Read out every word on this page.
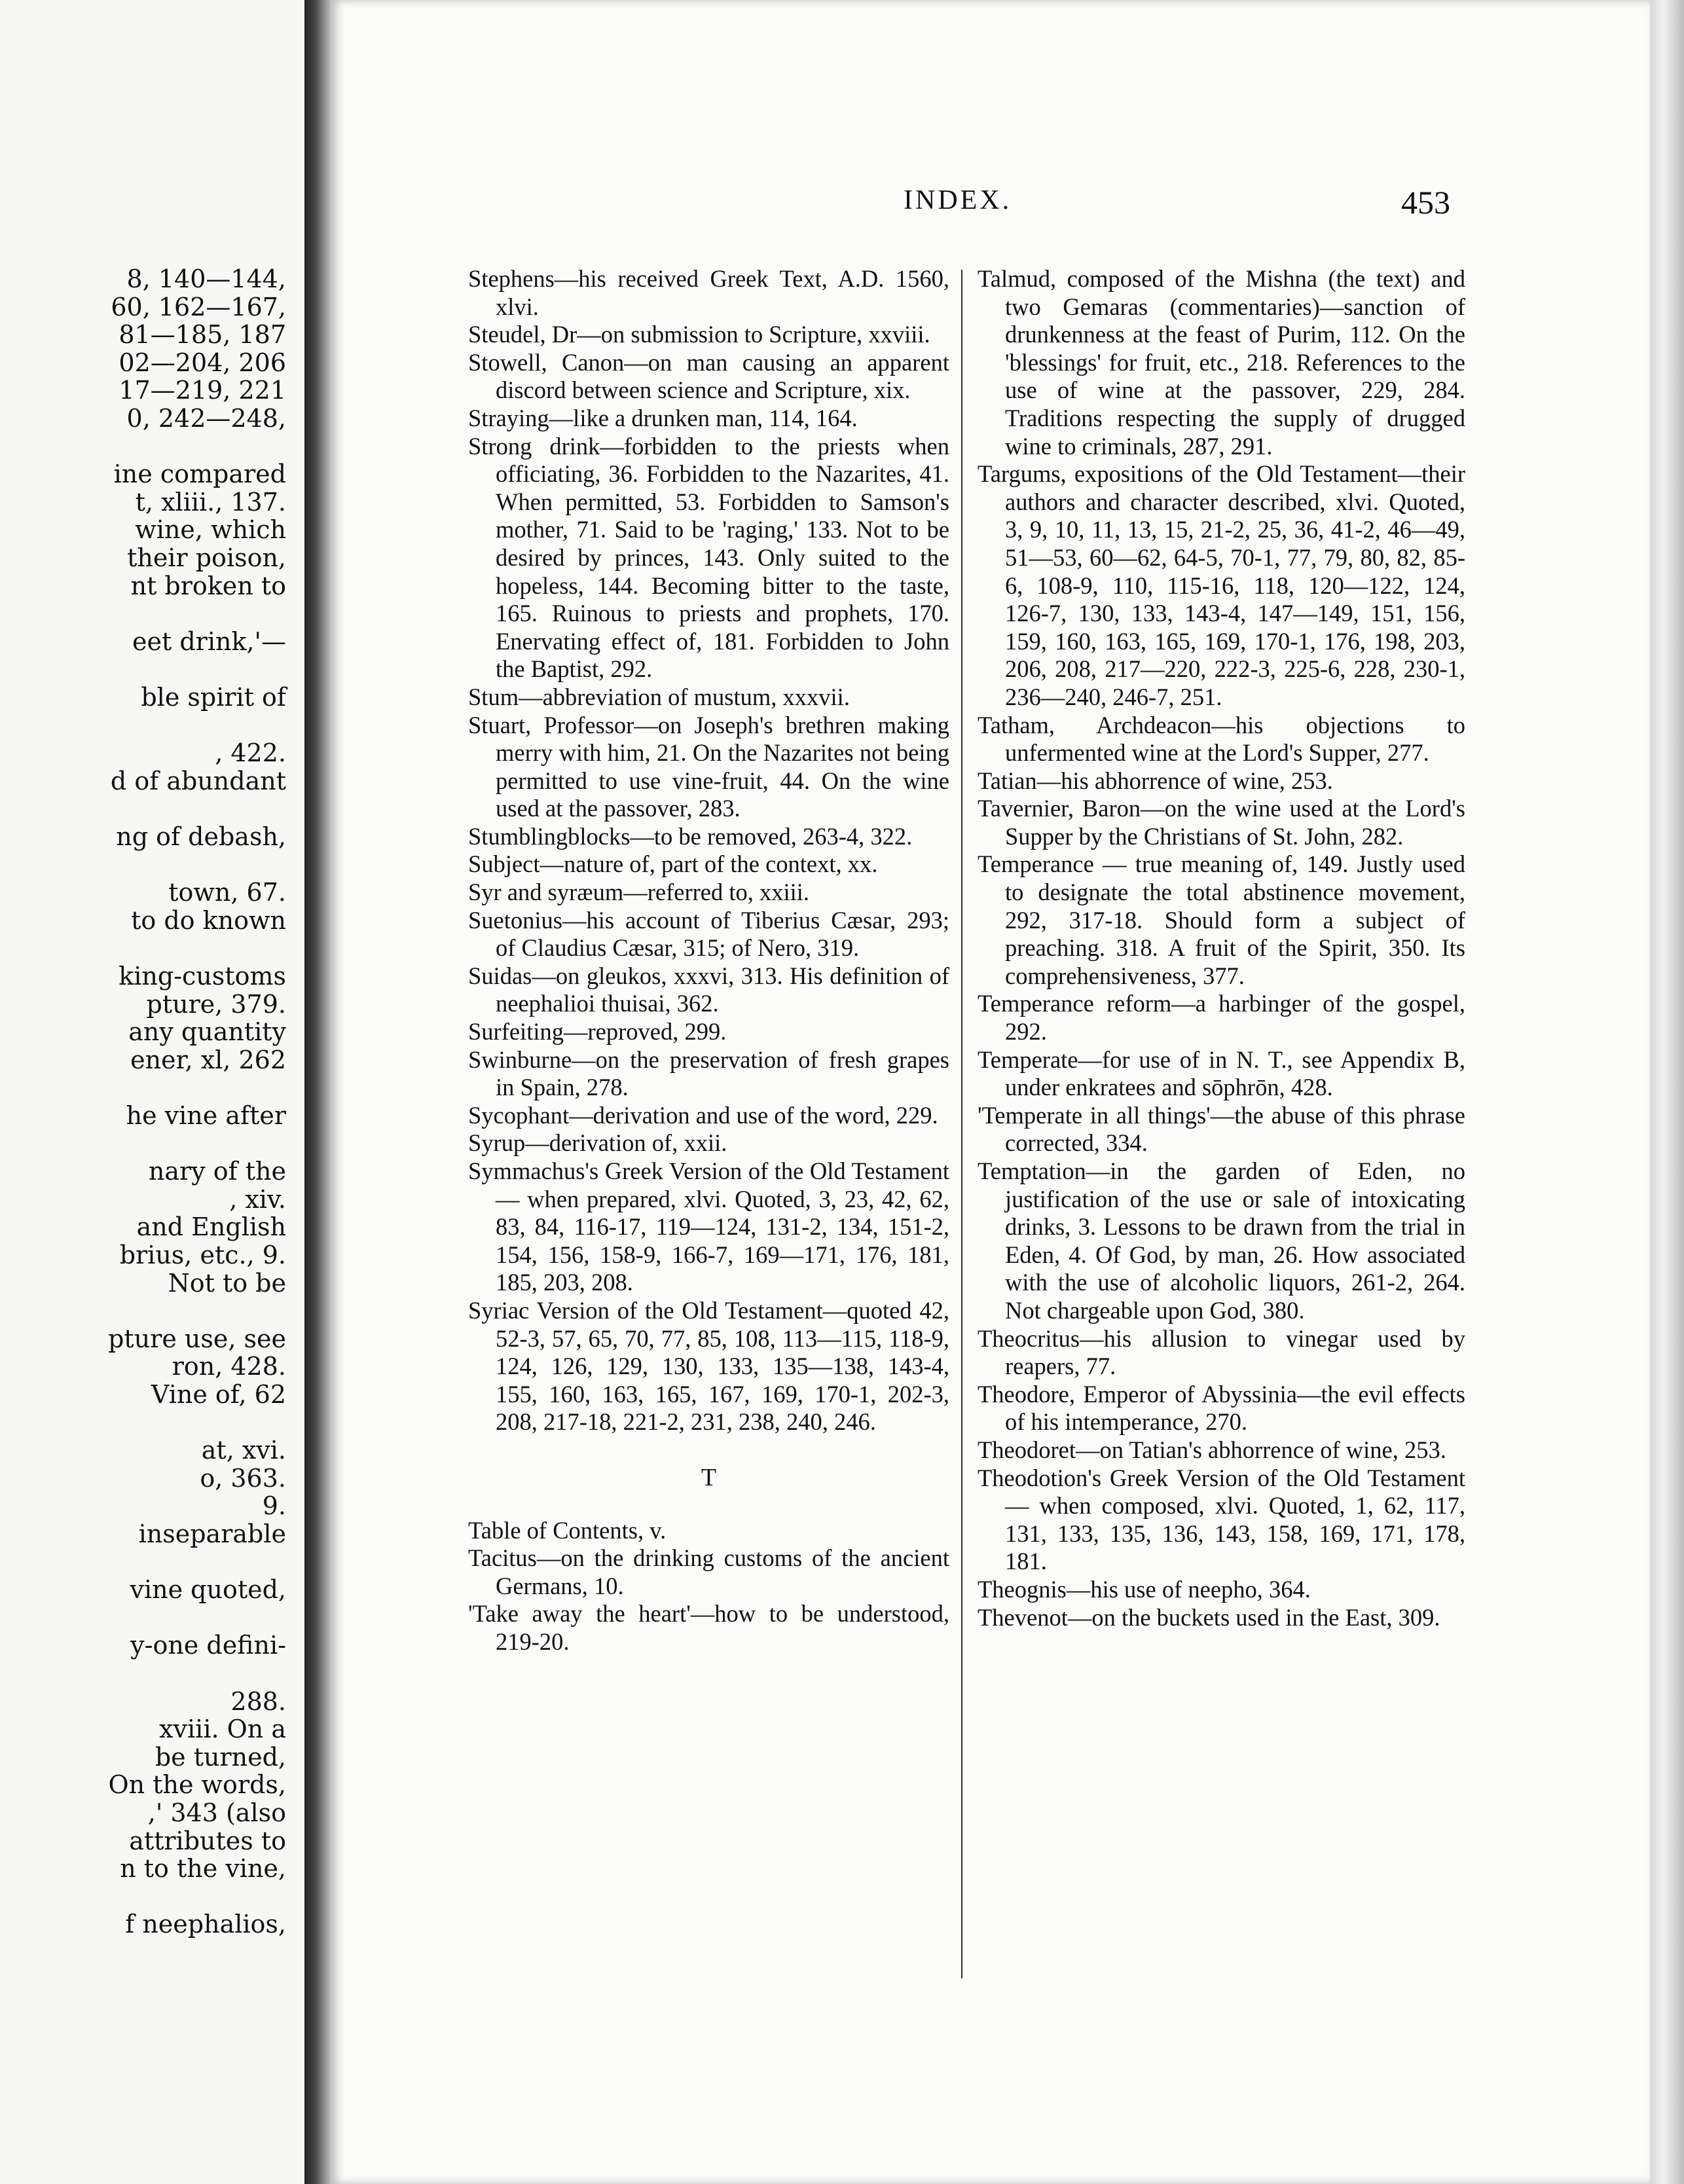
8, 140—144,
60, 162—167,
81—185, 187
02—204, 206
17—219, 221
0, 242—248,
ine compared
t, xliii., 137.
wine, which
their poison,
nt broken to
eet drink,'—
ble spirit of
, 422.
d of abundant
ng of debash,
town, 67.
to do known
king-customs
pture, 379.
any quantity
ener, xl, 262
he vine after
nary of the
, xiv.
and English
brius, etc., 9.
Not to be
pture use, see
ron, 428.
Vine of, 62
at, xvi.
o, 363.
9.
inseparable
vine quoted,
y-one defini-
288.
xviii. On a
be turned,
On the words,
,' 343 (also
attributes to
n to the vine,
f neephalios,
INDEX.	453

Stephens—his received Greek Text, A.D. 1560, xlvi.

Steudel, Dr—on submission to Scripture, xxviii.

Stowell, Canon—on man causing an apparent discord between science and Scripture, xix.

Straying—like a drunken man, 114, 164.

Strong drink—forbidden to the priests when officiating, 36. Forbidden to the Nazarites, 41. When permitted, 53. Forbidden to Samson's mother, 71. Said to be 'raging,' 133. Not to be desired by princes, 143. Only suited to the hopeless, 144. Becoming bitter to the taste, 165. Ruinous to priests and prophets, 170. Enervating effect of, 181. Forbidden to John the Baptist, 292.

Stum—abbreviation of mustum, xxxvii.

Stuart, Professor—on Joseph's brethren making merry with him, 21. On the Nazarites not being permitted to use vine-fruit, 44. On the wine used at the passover, 283.

Stumblingblocks—to be removed, 263-4, 322.

Subject—nature of, part of the context, xx.

Syr and syræum—referred to, xxiii.

Suetonius—his account of Tiberius Cæsar, 293; of Claudius Cæsar, 315; of Nero, 319.

Suidas—on gleukos, xxxvi, 313. His definition of neephalioi thuisai, 362.

Surfeiting—reproved, 299.

Swinburne—on the preservation of fresh grapes in Spain, 278.

Sycophant—derivation and use of the word, 229.

Syrup—derivation of, xxii.

Symmachus's Greek Version of the Old Testament — when prepared, xlvi. Quoted, 3, 23, 42, 62, 83, 84, 116-17, 119—124, 131-2, 134, 151-2, 154, 156, 158-9, 166-7, 169—171, 176, 181, 185, 203, 208.

Syriac Version of the Old Testament—quoted 42, 52-3, 57, 65, 70, 77, 85, 108, 113—115, 118-9, 124, 126, 129, 130, 133, 135—138, 143-4, 155, 160, 163, 165, 167, 169, 170-1, 202-3, 208, 217-18, 221-2, 231, 238, 240, 246.

T

Table of Contents, v.

Tacitus—on the drinking customs of the ancient Germans, 10.

'Take away the heart'—how to be understood, 219-20.

Talmud, composed of the Mishna (the text) and two Gemaras (commentaries)—sanction of drunkenness at the feast of Purim, 112. On the 'blessings' for fruit, etc., 218. References to the use of wine at the passover, 229, 284. Traditions respecting the supply of drugged wine to criminals, 287, 291.

Targums, expositions of the Old Testament—their authors and character described, xlvi. Quoted, 3, 9, 10, 11, 13, 15, 21-2, 25, 36, 41-2, 46—49, 51—53, 60—62, 64-5, 70-1, 77, 79, 80, 82, 85-6, 108-9, 110, 115-16, 118, 120—122, 124, 126-7, 130, 133, 143-4, 147—149, 151, 156, 159, 160, 163, 165, 169, 170-1, 176, 198, 203, 206, 208, 217—220, 222-3, 225-6, 228, 230-1, 236—240, 246-7, 251.

Tatham, Archdeacon—his objections to unfermented wine at the Lord's Supper, 277.

Tatian—his abhorrence of wine, 253.

Tavernier, Baron—on the wine used at the Lord's Supper by the Christians of St. John, 282.

Temperance — true meaning of, 149. Justly used to designate the total abstinence movement, 292, 317-18. Should form a subject of preaching. 318. A fruit of the Spirit, 350. Its comprehensiveness, 377.

Temperance reform—a harbinger of the gospel, 292.

Temperate—for use of in N. T., see Appendix B, under enkratees and sōphrōn, 428.

'Temperate in all things'—the abuse of this phrase corrected, 334.

Temptation—in the garden of Eden, no justification of the use or sale of intoxicating drinks, 3. Lessons to be drawn from the trial in Eden, 4. Of God, by man, 26. How associated with the use of alcoholic liquors, 261-2, 264. Not chargeable upon God, 380.

Theocritus—his allusion to vinegar used by reapers, 77.

Theodore, Emperor of Abyssinia—the evil effects of his intemperance, 270.

Theodoret—on Tatian's abhorrence of wine, 253.

Theodotion's Greek Version of the Old Testament — when composed, xlvi. Quoted, 1, 62, 117, 131, 133, 135, 136, 143, 158, 169, 171, 178, 181.

Theognis—his use of neepho, 364.

Thevenot—on the buckets used in the East, 309.
